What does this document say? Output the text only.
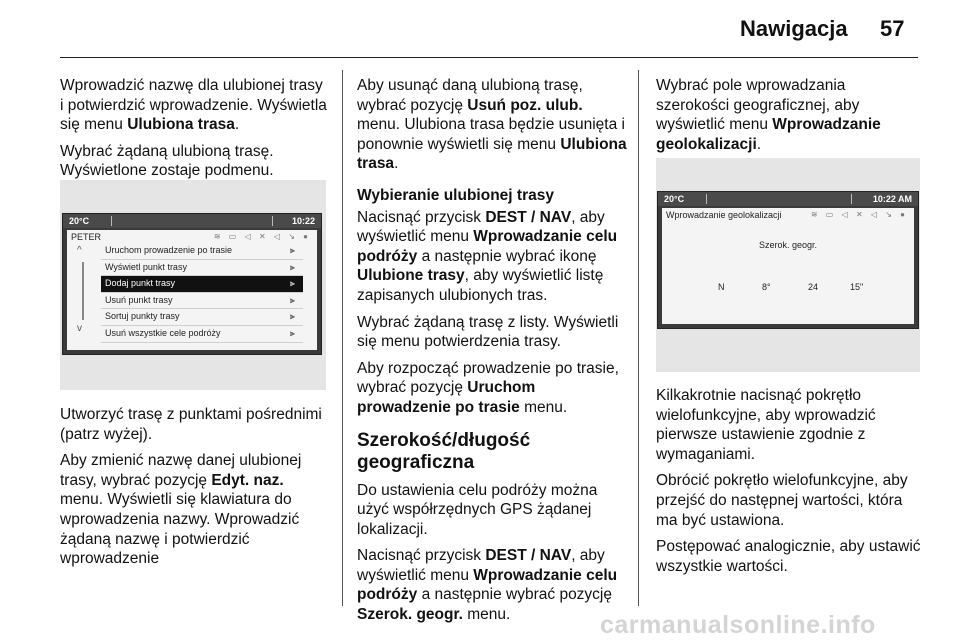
Nawigacja 57

Wprowadzić nazwę dla ulubionej trasy i potwierdzić wprowadzenie. Wyświetla się menu Ulubiona trasa.

Wybrać żądaną ulubioną trasę. Wyświetlone zostaje podmenu.

20°C	10:22
PETER	≋ ▭ ◁ ✕ ◁ ↘ ●
^
v
Uruchom prowadzenie po trasie	⫸
Wyświetl punkt trasy	⫸
Dodaj punkt trasy	⫸
Usuń punkt trasy	⫸
Sortuj punkty trasy	⫸
Usuń wszystkie cele podróży	⫸

Utworzyć trasę z punktami pośrednimi (patrz wyżej).

Aby zmienić nazwę danej ulubionej trasy, wybrać pozycję Edyt. naz. menu. Wyświetli się klawiatura do wprowadzenia nazwy. Wprowadzić żądaną nazwę i potwierdzić wprowadzenie

Aby usunąć daną ulubioną trasę, wybrać pozycję Usuń poz. ulub. menu. Ulubiona trasa będzie usunięta i ponownie wyświetli się menu Ulubiona trasa.

Wybieranie ulubionej trasy

Nacisnąć przycisk DEST / NAV, aby wyświetlić menu Wprowadzanie celu podróży a następnie wybrać ikonę Ulubione trasy, aby wyświetlić listę zapisanych ulubionych tras.

Wybrać żądaną trasę z listy. Wyświetli się menu potwierdzenia trasy.

Aby rozpocząć prowadzenie po trasie, wybrać pozycję Uruchom prowadzenie po trasie menu.

Szerokość/długość geograficzna

Do ustawienia celu podróży można użyć współrzędnych GPS żądanej lokalizacji.

Nacisnąć przycisk DEST / NAV, aby wyświetlić menu Wprowadzanie celu podróży a następnie wybrać pozycję Szerok. geogr. menu.

Wybrać pole wprowadzania szerokości geograficznej, aby wyświetlić menu Wprowadzanie geolokalizacji.

20°C	10:22 AM
Wprowadzanie geolokalizacji	≋ ▭ ◁ ✕ ◁ ↘ ●
Szerok. geogr.
N	8°	24	15"

Kilkakrotnie nacisnąć pokrętło wielofunkcyjne, aby wprowadzić pierwsze ustawienie zgodnie z wymaganiami.

Obrócić pokrętło wielofunkcyjne, aby przejść do następnej wartości, która ma być ustawiona.

Postępować analogicznie, aby ustawić wszystkie wartości.

carmanualsonline.info
